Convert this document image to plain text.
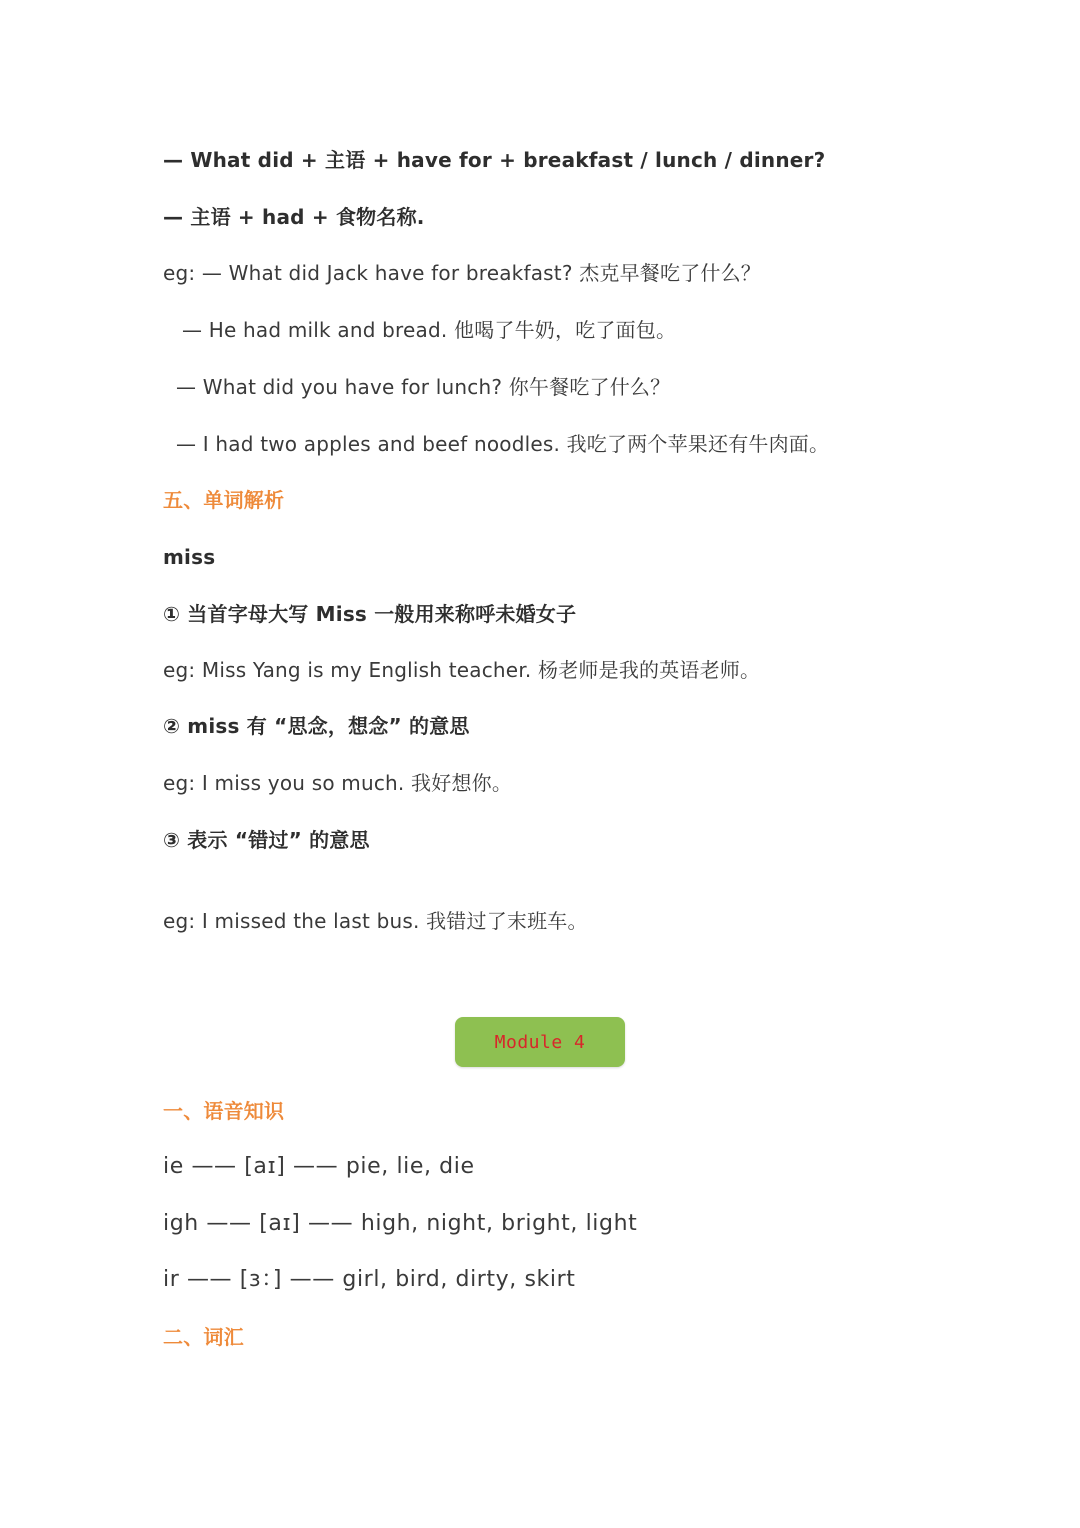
— What did + 主语 + have for + breakfast / lunch / dinner?
— 主语 + had + 食物名称.
eg: — What did Jack have for breakfast? 杰克早餐吃了什么？
— He had milk and bread. 他喝了牛奶，吃了面包。
— What did you have for lunch? 你午餐吃了什么？
— I had two apples and beef noodles. 我吃了两个苹果还有牛肉面。
五、单词解析
miss
① 当首字母大写 Miss 一般用来称呼未婚女子
eg: Miss Yang is my English teacher. 杨老师是我的英语老师。
② miss 有 “思念，想念” 的意思
eg: I miss you so much. 我好想你。
③ 表示 “错过” 的意思
eg: I missed the last bus. 我错过了末班车。
Module 4
一、语音知识
ie —— [aɪ] —— pie, lie, die
igh —— [aɪ] —— high, night, bright, light
ir —— [ɜ：] —— girl, bird, dirty, skirt
二、词汇
